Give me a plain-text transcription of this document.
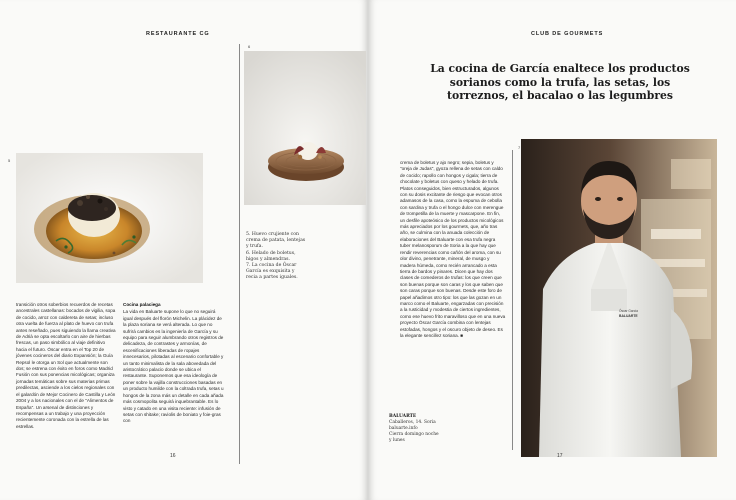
RESTAURANTE CG
5

transición otros soberbios recuerdos de recetas ancestrales castellanas: bocados de vigilia, sopa de cocido, arroz con caldereta de setas; incluso otra vuelta de fuerza al plato de huevo con trufa antes reseñado, pues siguiendo la llama creativa de Adrià se opta escoltarlo con aire de hierbas frescas, un paso simbólico al viaje definitivo hacia el futuro. Óscar entra en el Top 20 de jóvenes cocineros del diario Expansión; la Guía Repsol le otorga un Sol que actualmente son dos; se estrena con éxito en foros como Madrid Fusión con sus ponencias micológicas; organiza jornadas temáticas sobre sus materias primas predilectas, asciende a los cielos regionales con el galardón de Mejor Cocinero de Castilla y León 2004 y a los nacionales con el de "Alimentos de España". Un arsenal de distinciones y recompensas a un trabajo y una proyección recientemente coronada con la estrella de las estrellas.

Cocina palaciega

La vida en Baluarte supone lo que no seguirá igual después del florón Michelin. La plácidez de la plaza soriana se verá alterada. Lo que no sufrirá cambios es la ingeniería de García y su equipo para seguir alumbrando otros registros de delicadeza, de contrastes y armonías, de escenificaciones liberadas de ropajes innecesarios, pilotadas al escenario confortable y un tanto minimalista de la sala abovedada del aristocrático palacio donde se ubica el restaurante. Suponemos que esa ideología de poner sobre la vajilla construcciones basadas en un producto humilde con la coltrada trufa, setas u hongos de la zona más un detalle en cada añada más cosmopolita seguirá inquebrantable. Es lo visto y catado en una visita reciente: infusión de setas con shitake; raviolis de boniato y foie-gras con

6
5. Huevo crujiente con
crema de patata, lentejas
y trufa.
6. Helado de boletus,
higos y almendras.
7. La cocina de Óscar
García es exquisita y
recia a partes iguales.
16
CLUB DE GOURMETS
La cocina de García enaltece los productos sorianos como la trufa, las setas, los torreznos, el bacalao o las legumbres

crema de boletus y ajo negro; sepia, boletus y "oreja de Judas", gyoza rellena de setas con caldo de cocido; rapollo con hongos y cigala; tierra de chocolate y boletus con queso y helado de trufa. Platos conseguidos, bien estructurados, algunos con su dosis excitante de riesgo que evocan otros adamasos de la casa, como la espuma de cebolla con sardina y trufa o el hongo dulce con merengue de trompetilla de la muerte y mascarpone. En fin, un desfile apoteósico de los productos micológicos más apreciados por los gourmets, que, año tras año, se culmina con la anuada colección de elaboraciones del Baluarte con esa trufa negra tuber melanosporum de Soria a la que hay que rendir reverencias como cañón del aroma, con su olor divino, penetrante, mineral, de musgo y madera húmeda, como recién arrancado a esta tierra de bardos y pinares. Dicen que hay dos clases de comederos de trufas: los que creen que son buenas porque son caras y los que saben que son caras porque son buenas. Desde este foro de papel añadimos otro tipo: los que las gozan en un marco como el Baluarte, engarzadas con precisión a la rusticidad y modestia de ciertos ingredientes, como ese huevo frito maravilloso que en una nueva proyecto Óscar García combina con lentejas estofadas, hongos y el oscuro objeto de deseo. Es la elegante sencillez soriana. ■

BALUARTE
Caballeros, 14. Soria
baluarte.info
Cierra domingo noche
y lunes
7
Óscar García
BALUARTE
17
